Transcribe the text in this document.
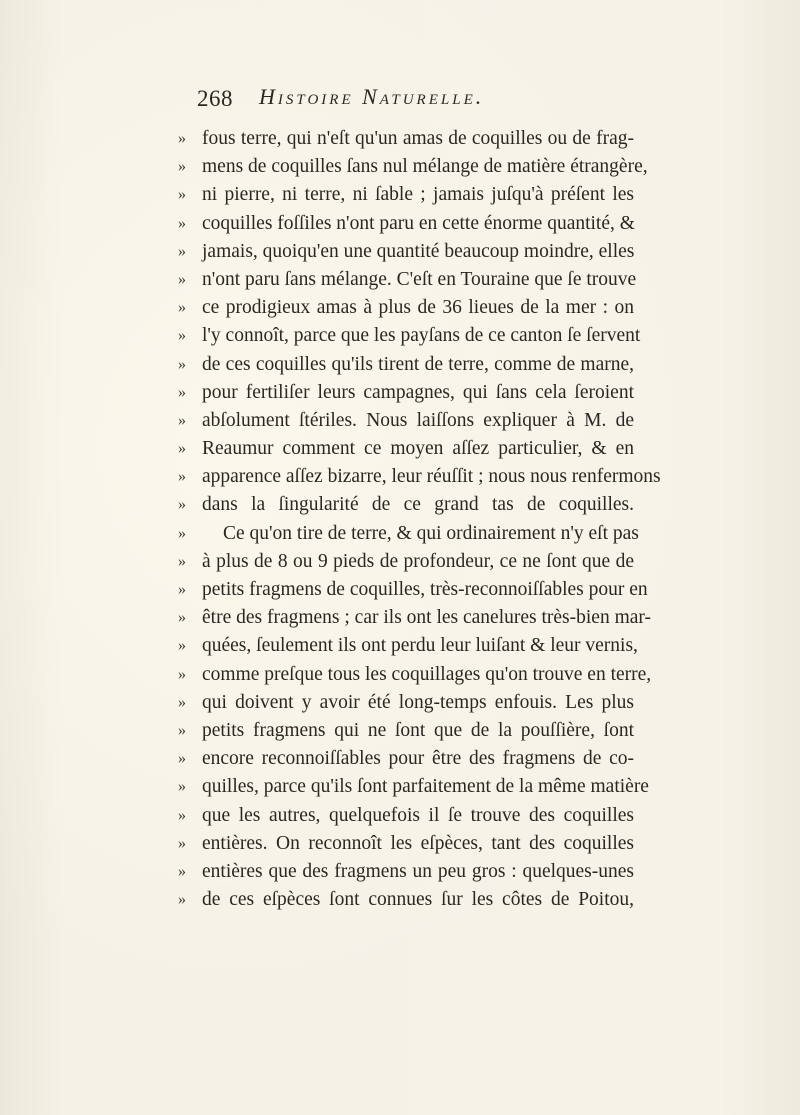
268 Histoire Naturelle.
» fous terre, qui n'eſt qu'un amas de coquilles ou de frag-
» mens de coquilles ſans nul mélange de matière étrangère,
» ni pierre, ni terre, ni ſable ; jamais juſqu'à préſent les
» coquilles foſſiles n'ont paru en cette énorme quantité, &
» jamais, quoiqu'en une quantité beaucoup moindre, elles
» n'ont paru ſans mélange. C'eſt en Touraine que ſe trouve
» ce prodigieux amas à plus de 36 lieues de la mer : on
» l'y connoît, parce que les payſans de ce canton ſe ſervent
» de ces coquilles qu'ils tirent de terre, comme de marne,
» pour fertiliſer leurs campagnes, qui ſans cela ſeroient
» abſolument ſtériles. Nous laiſſons expliquer à M. de
» Reaumur comment ce moyen aſſez particulier, & en
» apparence aſſez bizarre, leur réuſſit ; nous nous renfermons
» dans la ſingularité de ce grand tas de coquilles.
»	Ce qu'on tire de terre, & qui ordinairement n'y eſt pas
» à plus de 8 ou 9 pieds de profondeur, ce ne ſont que de
» petits fragmens de coquilles, très-reconnoiſſables pour en
» être des fragmens ; car ils ont les canelures très-bien mar-
» quées, ſeulement ils ont perdu leur luiſant & leur vernis,
» comme preſque tous les coquillages qu'on trouve en terre,
» qui doivent y avoir été long-temps enfouis. Les plus
» petits fragmens qui ne ſont que de la pouſſière, ſont
» encore reconnoiſſables pour être des fragmens de co-
» quilles, parce qu'ils ſont parfaitement de la même matière
» que les autres, quelquefois il ſe trouve des coquilles
» entières. On reconnoît les eſpèces, tant des coquilles
» entières que des fragmens un peu gros : quelques-unes
» de ces eſpèces ſont connues ſur les côtes de Poitou,
